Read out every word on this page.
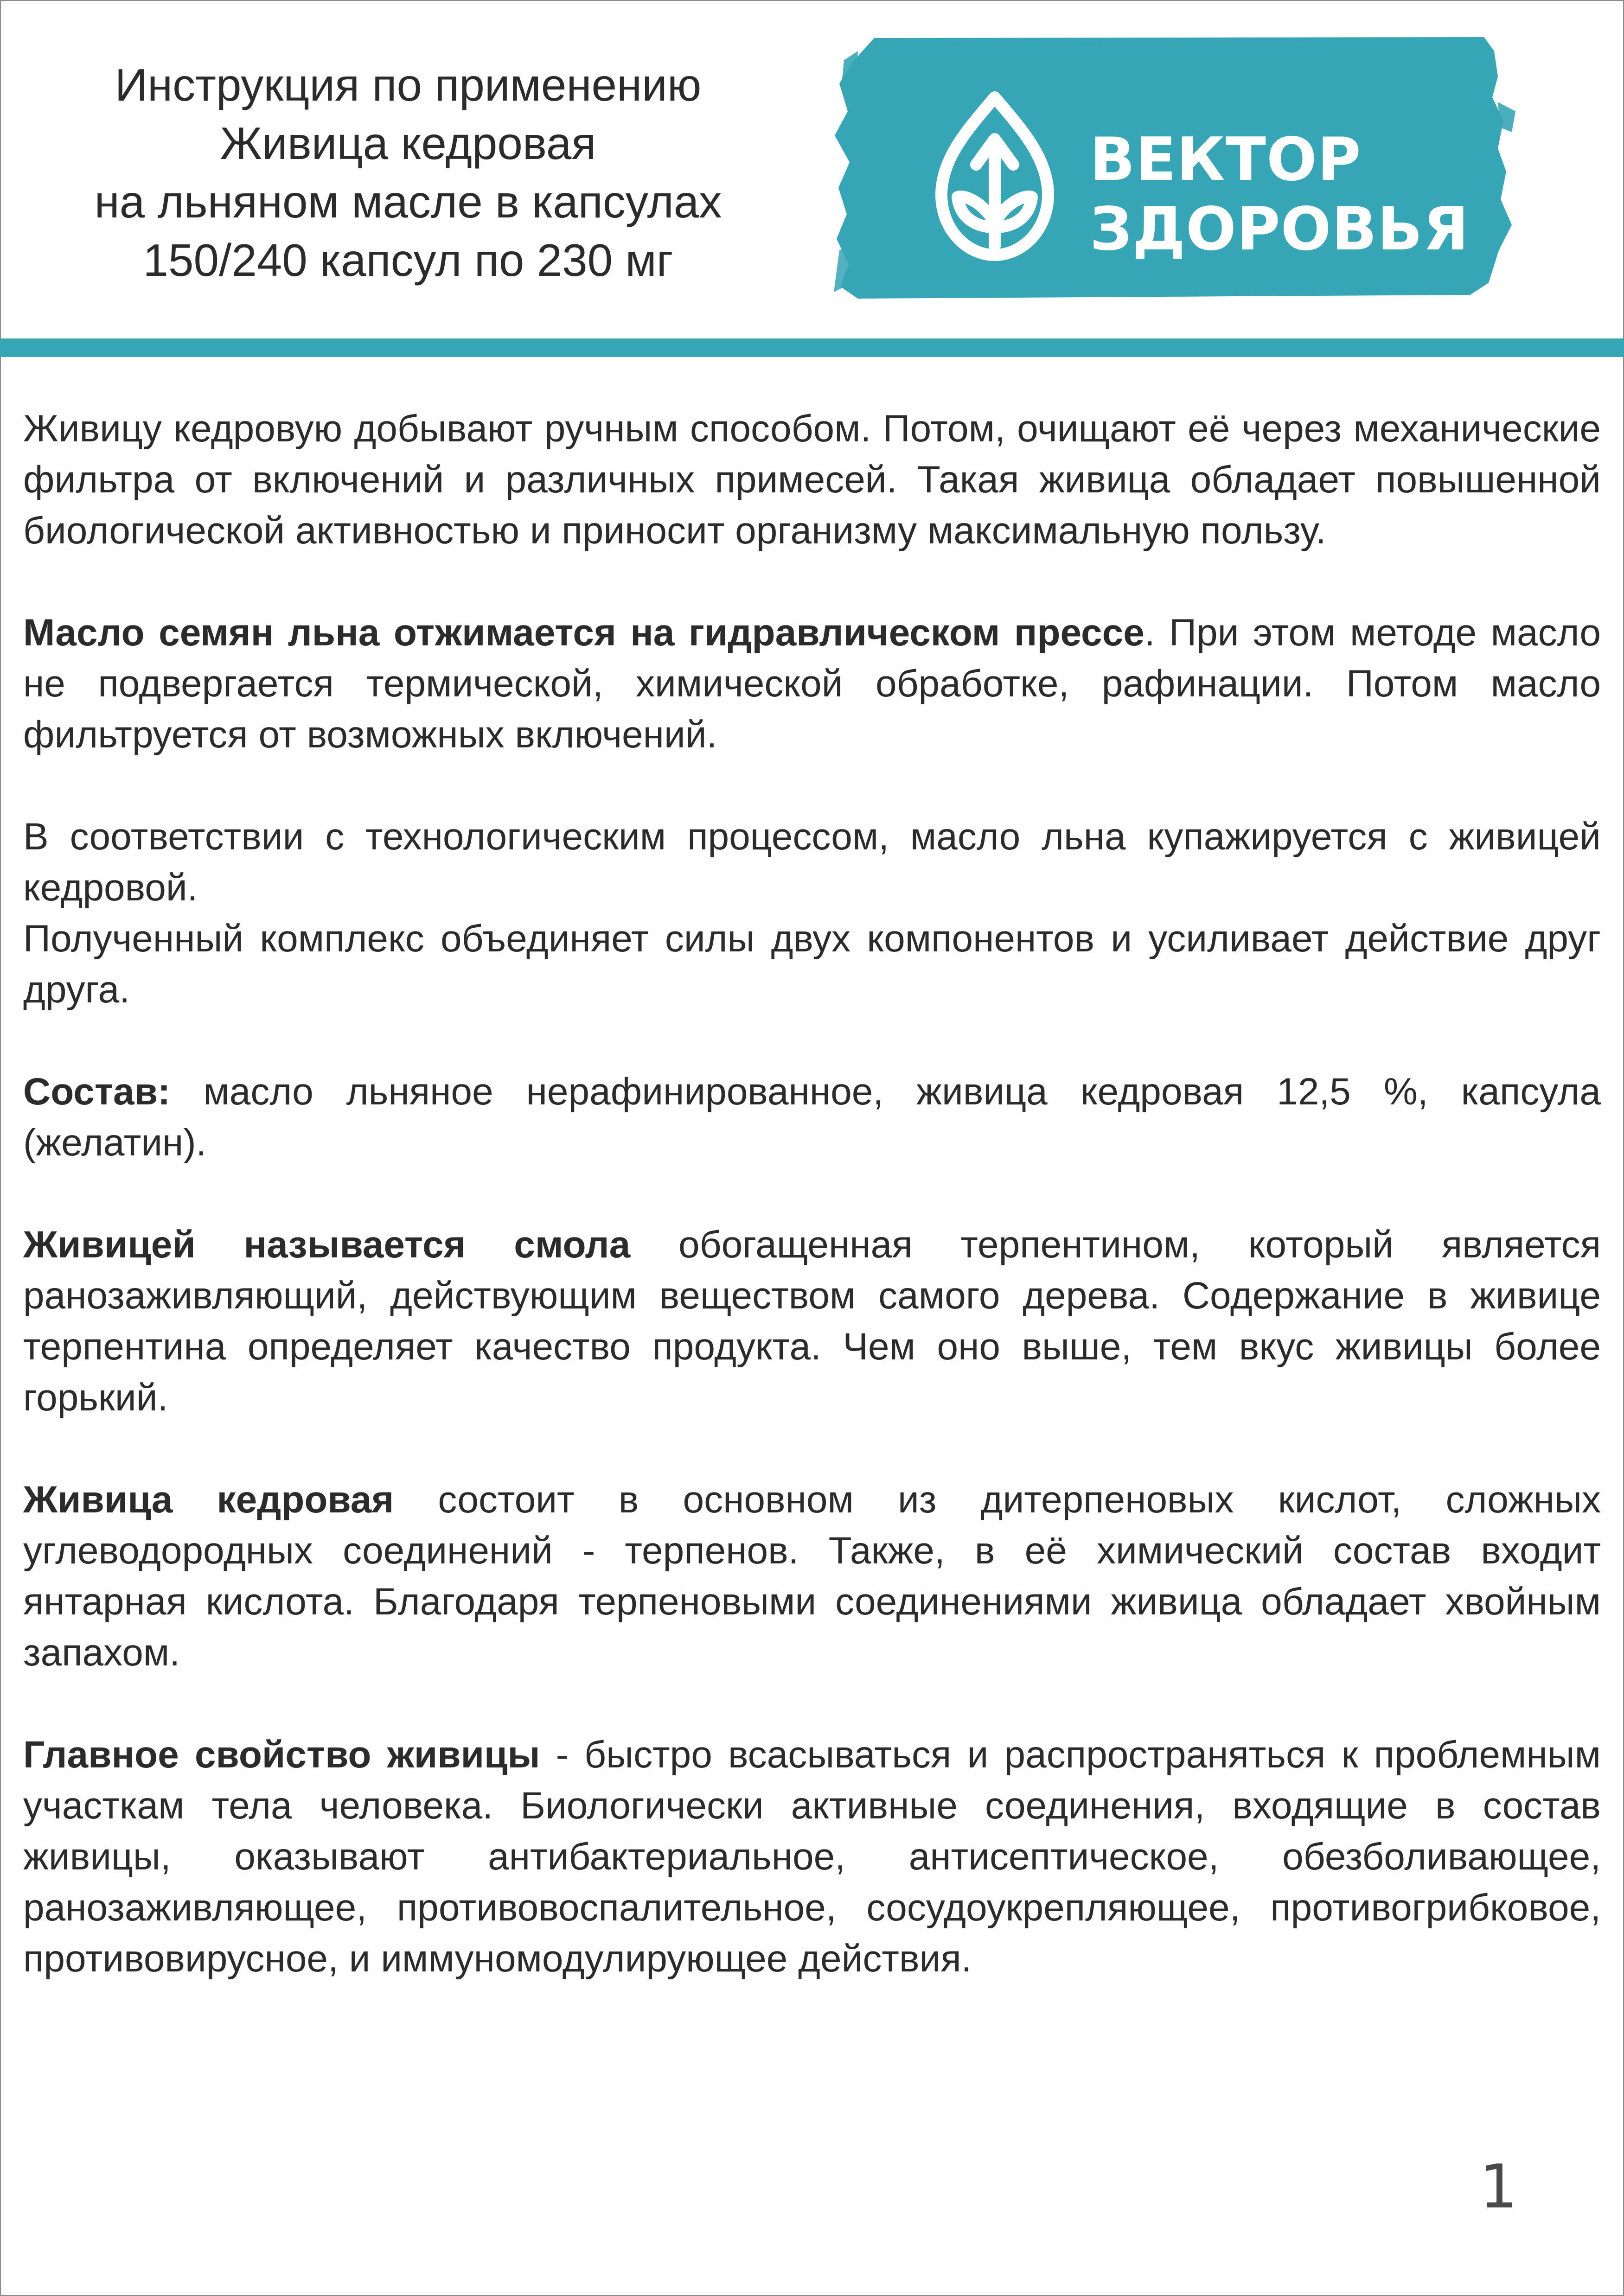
Инструкция по применению
Живица кедровая
на льняном масле в капсулах
150/240 капсул по 230 мг
ВЕКТОР
ЗДОРОВЬЯ

Живицу кедровую добывают ручным способом. Потом, очищают её через механические фильтра от включений и различных примесей. Такая живица обладает повышенной биологической активностью и приносит организму максимальную пользу.

Масло семян льна отжимается на гидравлическом прессе. При этом методе масло не подвергается термической, химической обработке, рафинации. Потом масло фильтруется от возможных включений.

В соответствии с технологическим процессом, масло льна купажируется с живицей кедровой.

Полученный комплекс объединяет силы двух компонентов и усиливает действие друг друга.

Состав: масло льняное нерафинированное, живица кедровая 12,5 %, капсула (желатин).

Живицей называется смола обогащенная терпентином, который является ранозаживляющий, действующим веществом самого дерева. Содержание в живице терпентина определяет качество продукта. Чем оно выше, тем вкус живицы более горький.

Живица кедровая состоит в основном из дитерпеновых кислот, сложных углеводородных соединений - терпенов. Также, в её химический состав входит янтарная кислота. Благодаря терпеновыми соединениями живица обладает хвойным запахом.

Главное свойство живицы - быстро всасываться и распространяться к проблемным участкам тела человека. Биологически активные соединения, входящие в состав живицы, оказывают антибактериальное, антисептическое, обезболивающее, ранозаживляющее, противовоспалительное, сосудоукрепляющее, противогрибковое, противовирусное, и иммуномодулирующее действия.

1
